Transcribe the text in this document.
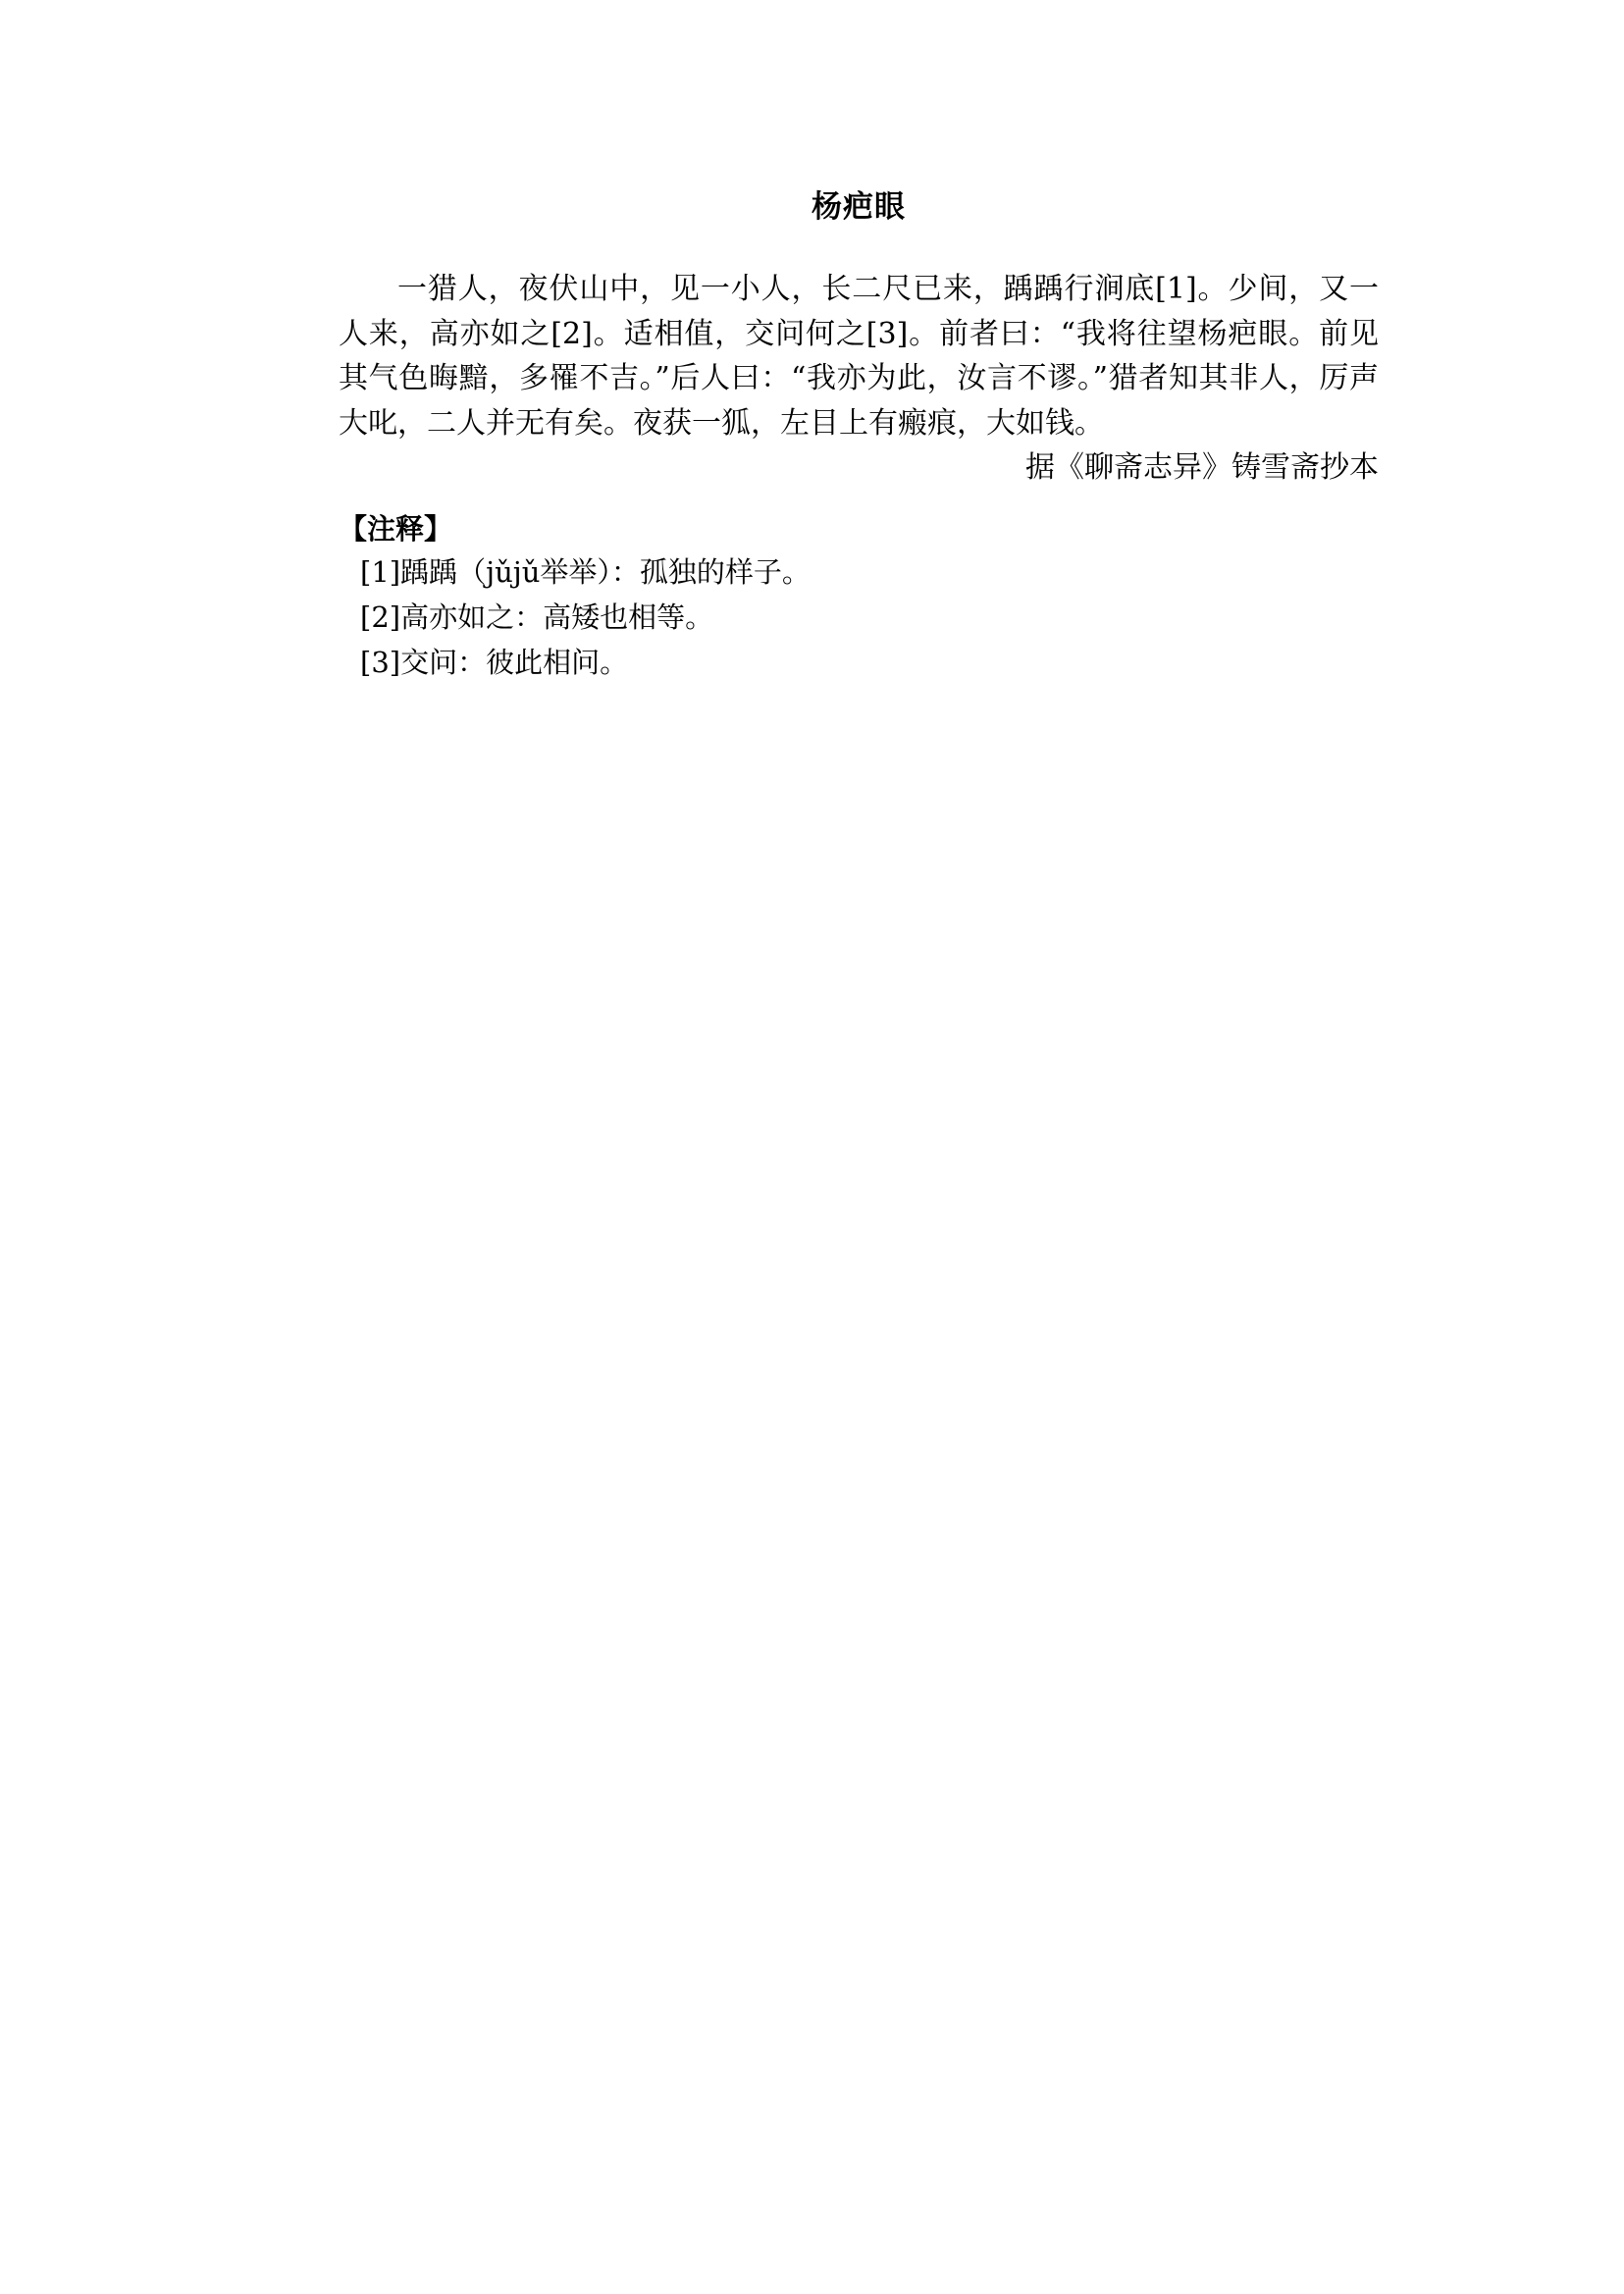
杨疤眼

一猎人，夜伏山中，见一小人，长二尺已来，踽踽行涧底[1]。少间，又一人来，高亦如之[2]。适相值，交问何之[3]。前者曰：“我将往望杨疤眼。前见其气色晦黯，多罹不吉。”后人曰：“我亦为此，汝言不谬。”猎者知其非人，厉声大叱，二人并无有矣。夜获一狐，左目上有瘢痕，大如钱。

据《聊斋志异》铸雪斋抄本

【注释】

[1]踽踽（jǔjǔ举举）：孤独的样子。

[2]高亦如之：高矮也相等。

[3]交问：彼此相问。
